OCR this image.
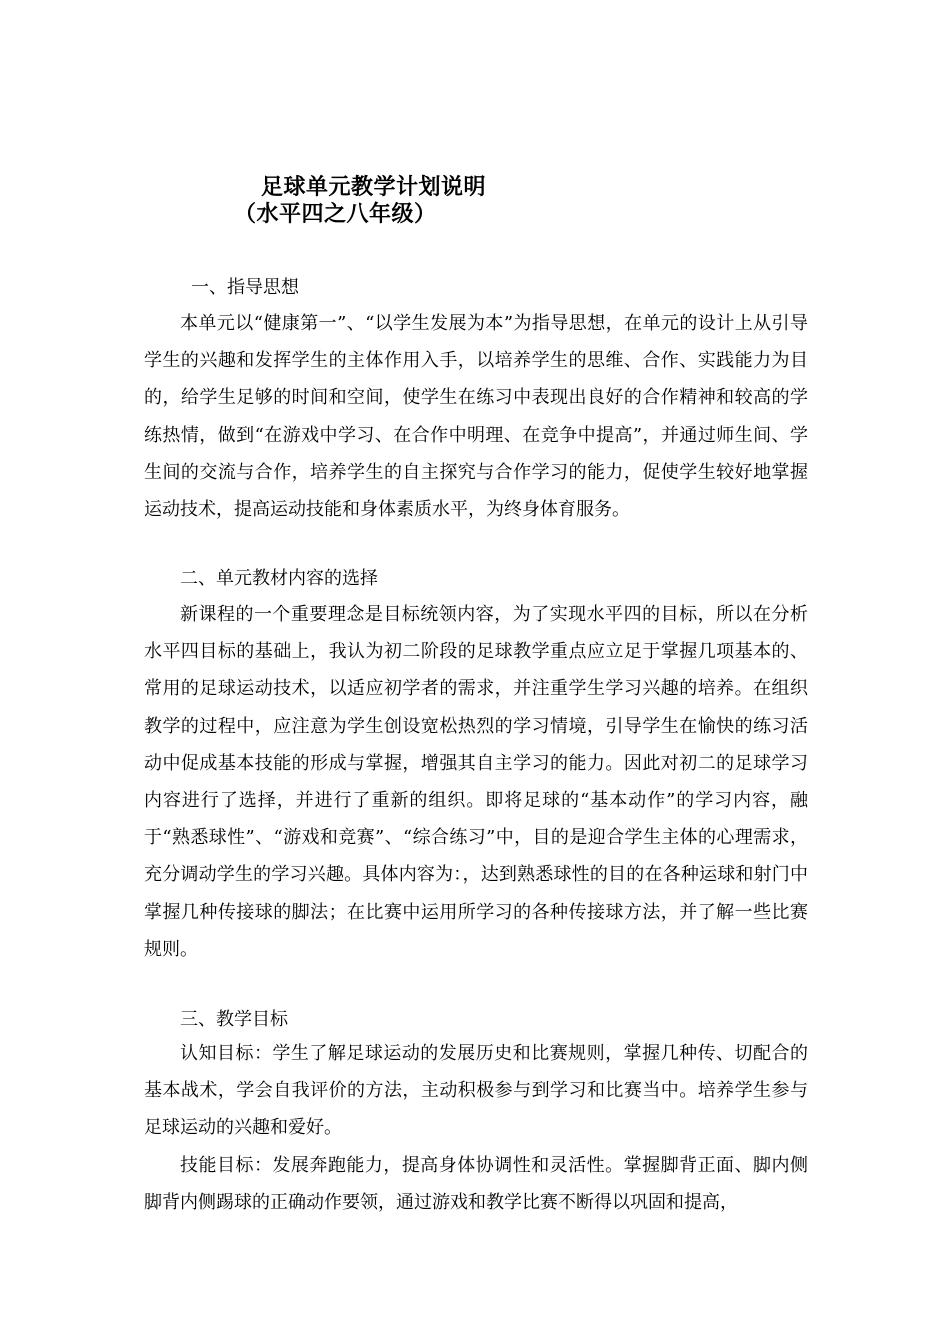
足球单元教学计划说明
（水平四之八年级）
一、指导思想

本单元以“健康第一”、“以学生发展为本”为指导思想，在单元的设计上从引导学生的兴趣和发挥学生的主体作用入手，以培养学生的思维、合作、实践能力为目的，给学生足够的时间和空间，使学生在练习中表现出良好的合作精神和较高的学练热情，做到“在游戏中学习、在合作中明理、在竞争中提高”，并通过师生间、学生间的交流与合作，培养学生的自主探究与合作学习的能力，促使学生较好地掌握运动技术，提高运动技能和身体素质水平，为终身体育服务。

二、单元教材内容的选择

新课程的一个重要理念是目标统领内容，为了实现水平四的目标，所以在分析水平四目标的基础上，我认为初二阶段的足球教学重点应立足于掌握几项基本的、常用的足球运动技术，以适应初学者的需求，并注重学生学习兴趣的培养。在组织教学的过程中，应注意为学生创设宽松热烈的学习情境，引导学生在愉快的练习活动中促成基本技能的形成与掌握，增强其自主学习的能力。因此对初二的足球学习内容进行了选择，并进行了重新的组织。即将足球的“基本动作”的学习内容，融于“熟悉球性”、“游戏和竞赛”、“综合练习”中，目的是迎合学生主体的心理需求，充分调动学生的学习兴趣。具体内容为：，达到熟悉球性的目的在各种运球和射门中掌握几种传接球的脚法；在比赛中运用所学习的各种传接球方法，并了解一些比赛规则。

三、教学目标

认知目标：学生了解足球运动的发展历史和比赛规则，掌握几种传、切配合的基本战术，学会自我评价的方法，主动积极参与到学习和比赛当中。培养学生参与足球运动的兴趣和爱好。

技能目标：发展奔跑能力，提高身体协调性和灵活性。掌握脚背正面、脚内侧脚背内侧踢球的正确动作要领，通过游戏和教学比赛不断得以巩固和提高，
